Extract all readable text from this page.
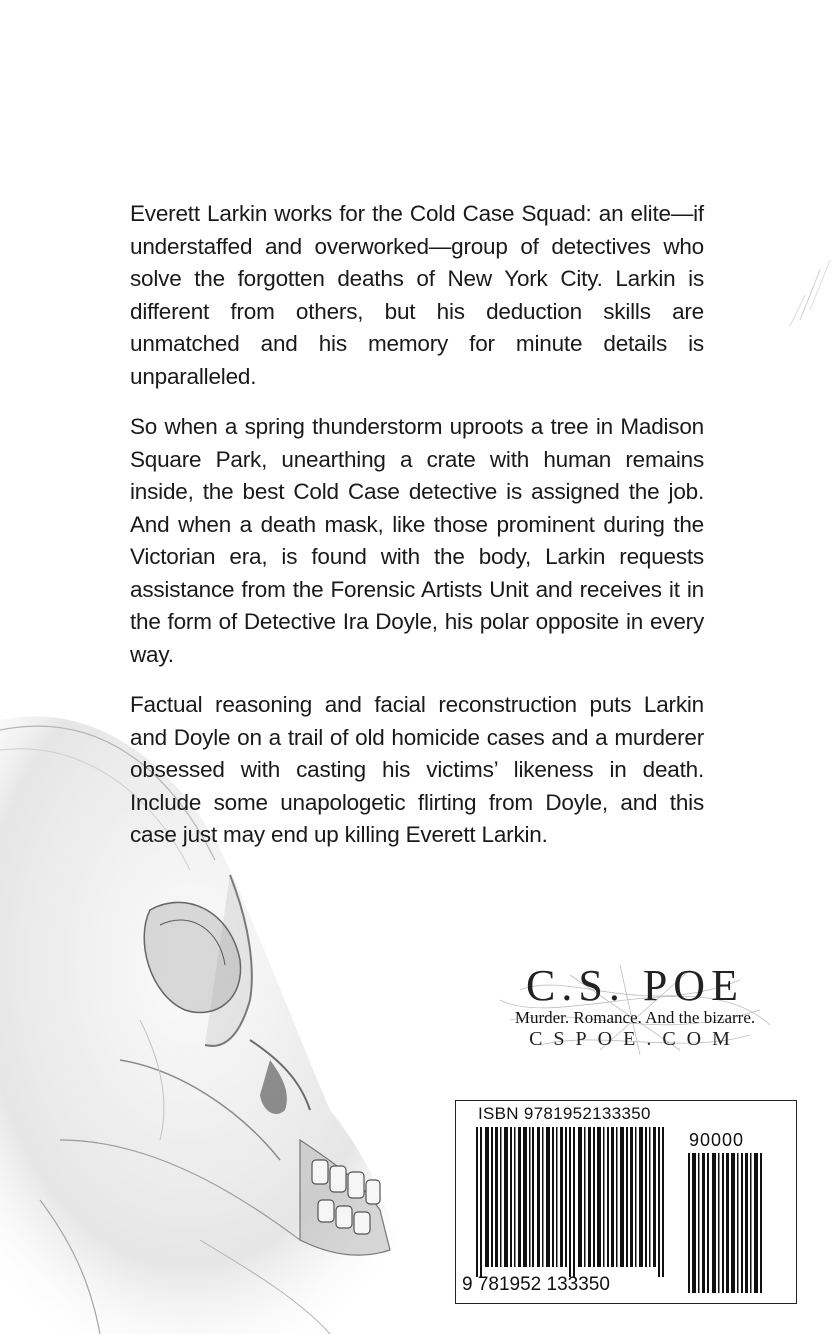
Everett Larkin works for the Cold Case Squad: an elite—if understaffed and overworked—group of detectives who solve the forgotten deaths of New York City. Larkin is different from others, but his deduction skills are unmatched and his memory for minute details is unparalleled.

So when a spring thunderstorm uproots a tree in Madison Square Park, unearthing a crate with human remains inside, the best Cold Case detective is assigned the job. And when a death mask, like those prominent during the Victorian era, is found with the body, Larkin requests assistance from the Forensic Artists Unit and receives it in the form of Detective Ira Doyle, his polar opposite in every way.

Factual reasoning and facial reconstruction puts Larkin and Doyle on a trail of old homicide cases and a murderer obsessed with casting his victims’ likeness in death. Include some unapologetic flirting from Doyle, and this case just may end up killing Everett Larkin.

C.S. POE
Murder. Romance. And the bizarre.
CSPOE.COM
ISBN 9781952133350
90000
9 781952 133350
